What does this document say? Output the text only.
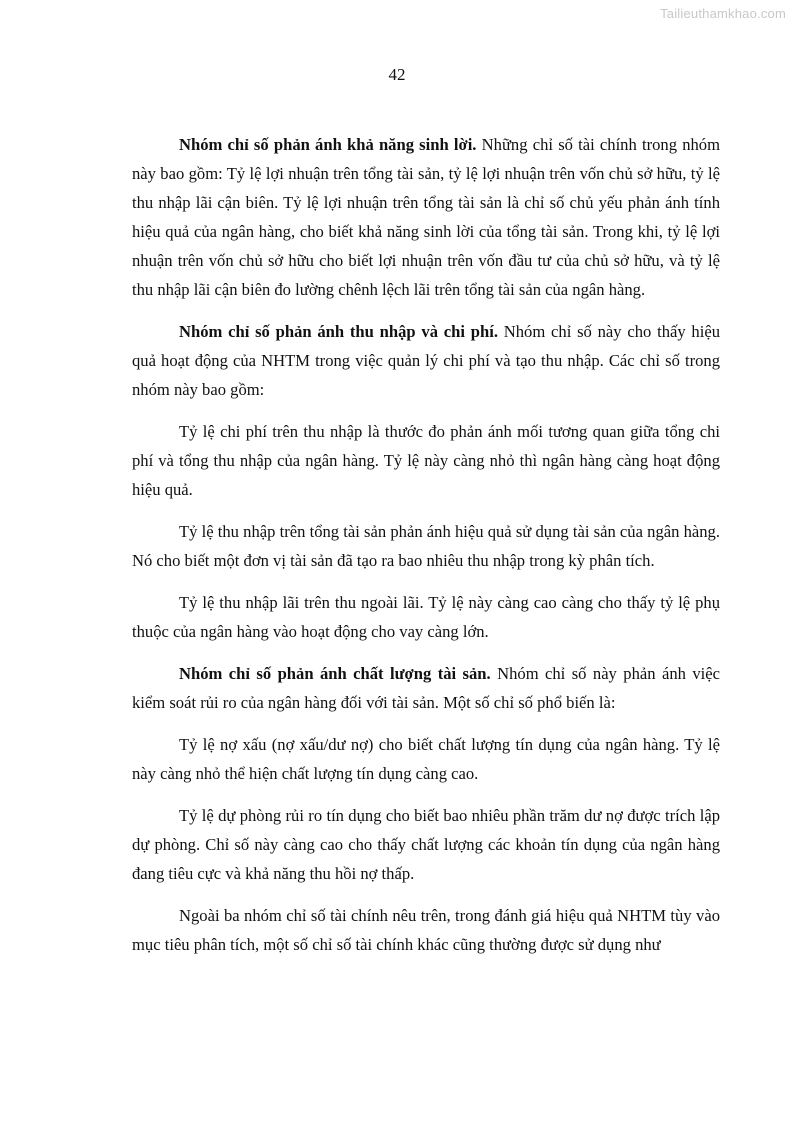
Tailieuthamkhao.com
42

Nhóm chỉ số phản ánh khả năng sinh lời. Những chỉ số tài chính trong nhóm này bao gồm: Tỷ lệ lợi nhuận trên tổng tài sản, tỷ lệ lợi nhuận trên vốn chủ sở hữu, tỷ lệ thu nhập lãi cận biên. Tỷ lệ lợi nhuận trên tổng tài sản là chỉ số chủ yếu phản ánh tính hiệu quả của ngân hàng, cho biết khả năng sinh lời của tổng tài sản. Trong khi, tỷ lệ lợi nhuận trên vốn chủ sở hữu cho biết lợi nhuận trên vốn đầu tư của chủ sở hữu, và tỷ lệ thu nhập lãi cận biên đo lường chênh lệch lãi trên tổng tài sản của ngân hàng.

Nhóm chỉ số phản ánh thu nhập và chi phí. Nhóm chỉ số này cho thấy hiệu quả hoạt động của NHTM trong việc quản lý chi phí và tạo thu nhập. Các chỉ số trong nhóm này bao gồm:

Tỷ lệ chi phí trên thu nhập là thước đo phản ánh mối tương quan giữa tổng chi phí và tổng thu nhập của ngân hàng. Tỷ lệ này càng nhỏ thì ngân hàng càng hoạt động hiệu quả.

Tỷ lệ thu nhập trên tổng tài sản phản ánh hiệu quả sử dụng tài sản của ngân hàng. Nó cho biết một đơn vị tài sản đã tạo ra bao nhiêu thu nhập trong kỳ phân tích.

Tỷ lệ thu nhập lãi trên thu ngoài lãi. Tỷ lệ này càng cao càng cho thấy tỷ lệ phụ thuộc của ngân hàng vào hoạt động cho vay càng lớn.

Nhóm chỉ số phản ánh chất lượng tài sản. Nhóm chỉ số này phản ánh việc kiểm soát rủi ro của ngân hàng đối với tài sản. Một số chỉ số phổ biến là:

Tỷ lệ nợ xấu (nợ xấu/dư nợ) cho biết chất lượng tín dụng của ngân hàng. Tỷ lệ này càng nhỏ thể hiện chất lượng tín dụng càng cao.

Tỷ lệ dự phòng rủi ro tín dụng cho biết bao nhiêu phần trăm dư nợ được trích lập dự phòng. Chỉ số này càng cao cho thấy chất lượng các khoản tín dụng của ngân hàng đang tiêu cực và khả năng thu hồi nợ thấp.

Ngoài ba nhóm chỉ số tài chính nêu trên, trong đánh giá hiệu quả NHTM tùy vào mục tiêu phân tích, một số chỉ số tài chính khác cũng thường được sử dụng như
